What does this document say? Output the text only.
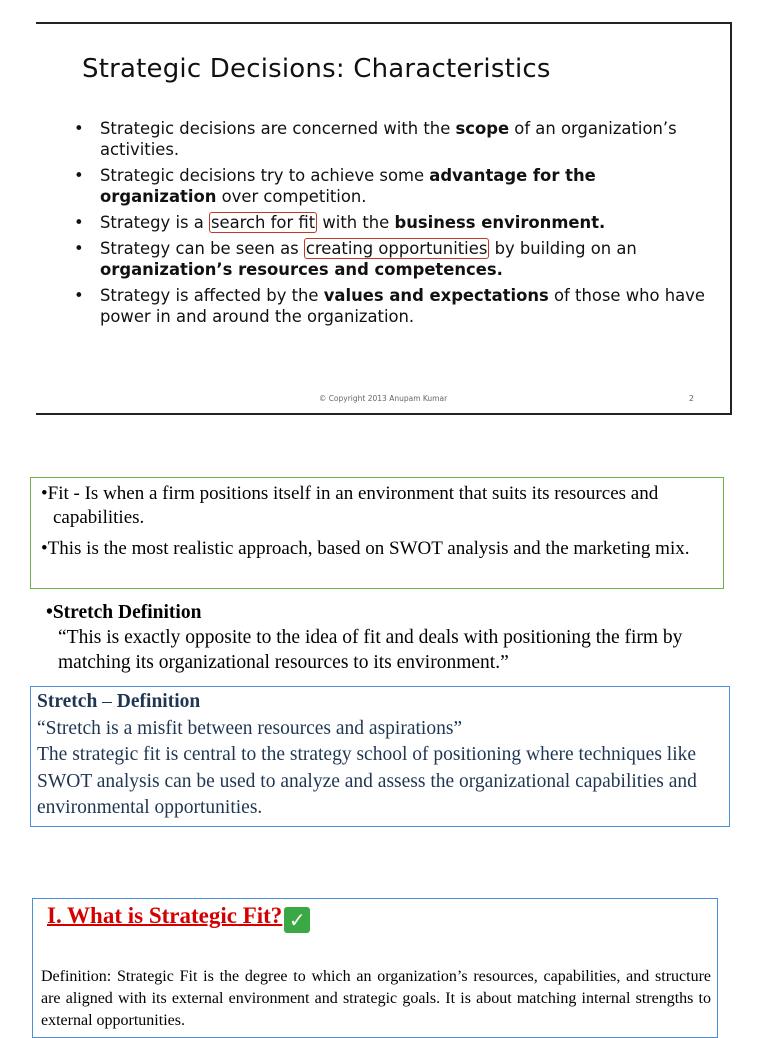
Strategic Decisions: Characteristics
• Strategic decisions are concerned with the scope of an organization’s activities.
• Strategic decisions try to achieve some advantage for the organization over competition.
• Strategy is a search for fit with the business environment.
• Strategy can be seen as creating opportunities by building on an organization’s resources and competences.
• Strategy is affected by the values and expectations of those who have power in and around the organization.
© Copyright 2013 Anupam Kumar	2

•Fit - Is when a firm positions itself in an environment that suits its resources and capabilities.

•This is the most realistic approach, based on SWOT analysis and the marketing mix.

•Stretch Definition
“This is exactly opposite to the idea of fit and deals with positioning the firm by matching its organizational resources to its environment.”
Stretch – Definition
“Stretch is a misfit between resources and aspirations”
The strategic fit is central to the strategy school of positioning where techniques like SWOT analysis can be used to analyze and assess the organizational capabilities and environmental opportunities.
I. What is Strategic Fit? ✓
Definition: Strategic Fit is the degree to which an organization’s resources, capabilities, and structure are aligned with its external environment and strategic goals. It is about matching internal strengths to external opportunities.
